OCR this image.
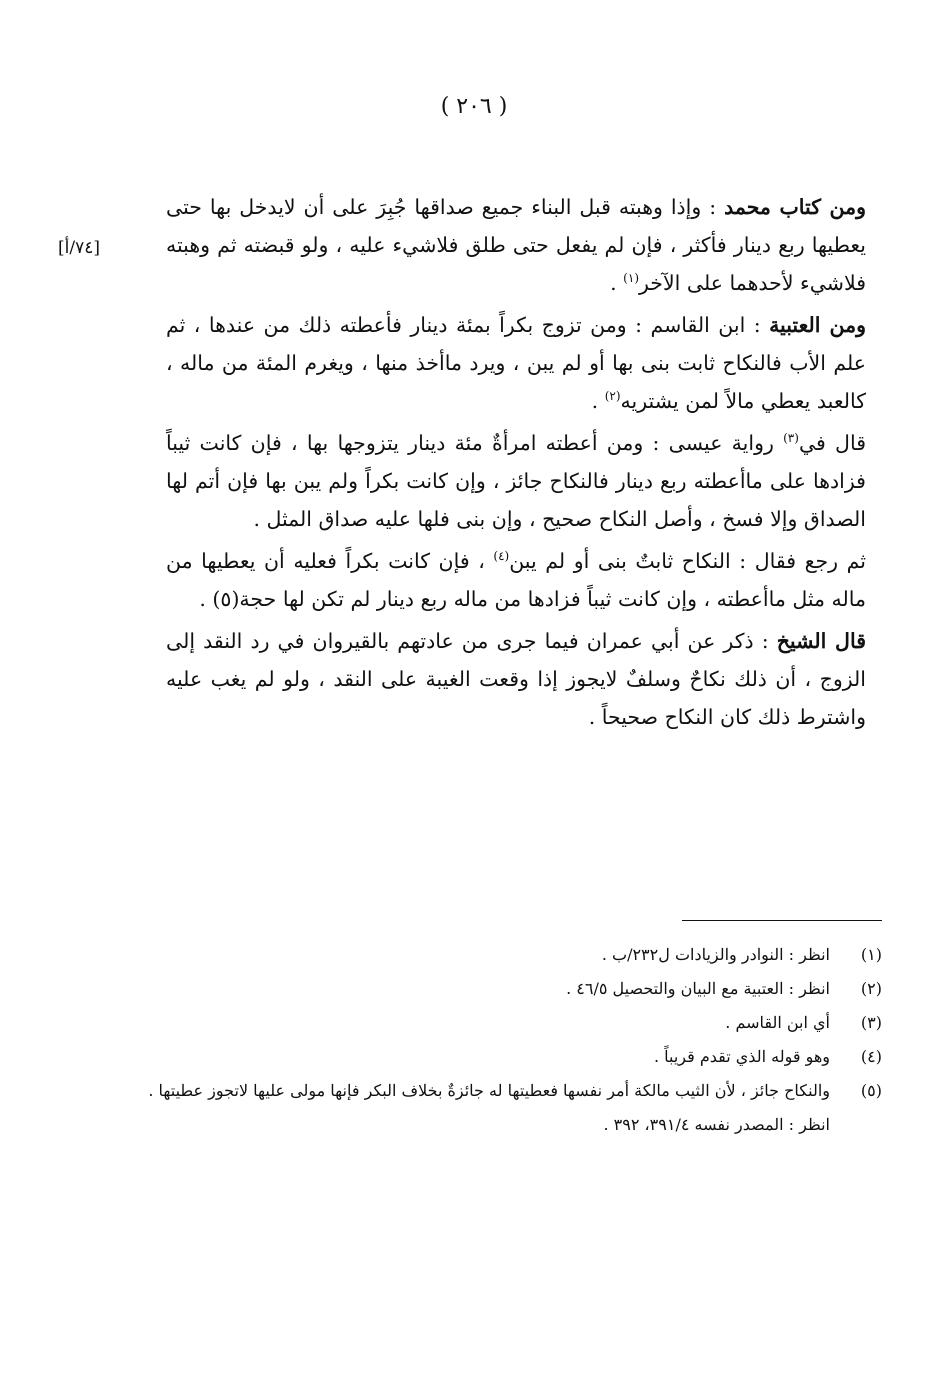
( ٢٠٦ )
[٧٤/أ]

ومن كتاب محمد : وإذا وهبته قبل البناء جميع صداقها جُبِرَ على أن لايدخل بها حتى يعطيها ربع دينار فأكثر ، فإن لم يفعل حتى طلق فلاشيء عليه ، ولو قبضته ثم وهبته فلاشيء لأحدهما على الآخر$^{(١)}$ .

ومن العتبية : ابن القاسم : ومن تزوج بكراً بمئة دينار فأعطته ذلك من عندها ، ثم علم الأب فالنكاح ثابت بنى بها أو لم يبن ، ويرد ماأخذ منها ، ويغرم المئة من ماله ، كالعبد يعطي مالاً لمن يشتريه$^{(٢)}$ .

قال في$^{(٣)}$ رواية عيسى : ومن أعطته امرأةٌ مئة دينار يتزوجها بها ، فإن كانت ثيباً فزادها على ماأعطته ربع دينار فالنكاح جائز ، وإن كانت بكراً ولم يبن بها فإن أتم لها الصداق وإلا فسخ ، وأصل النكاح صحيح ، وإن بنى فلها عليه صداق المثل .

ثم رجع فقال : النكاح ثابتٌ بنى أو لم يبن$^{(٤)}$ ، فإن كانت بكراً فعليه أن يعطيها من ماله مثل ماأعطته ، وإن كانت ثيباً فزادها من ماله ربع دينار لم تكن لها حجة(٥) .

قال الشيخ : ذكر عن أبي عمران فيما جرى من عادتهم بالقيروان في رد النقد إلى الزوج ، أن ذلك نكاحٌ وسلفٌ لايجوز إذا وقعت الغيبة على النقد ، ولو لم يغب عليه واشترط ذلك كان النكاح صحيحاً .

(١)
انظر : النوادر والزيادات ل٢٣٢/ب .
(٢)
انظر : العتبية مع البيان والتحصيل ٤٦/٥ .
(٣)
أي ابن القاسم .
(٤)
وهو قوله الذي تقدم قريباً .
(٥)
والنكاح جائز ، لأن الثيب مالكة أمر نفسها فعطيتها له جائزةٌ بخلاف البكر فإنها مولى عليها لاتجوز عطيتها .
انظر : المصدر نفسه ٣٩١/٤، ٣٩٢ .
